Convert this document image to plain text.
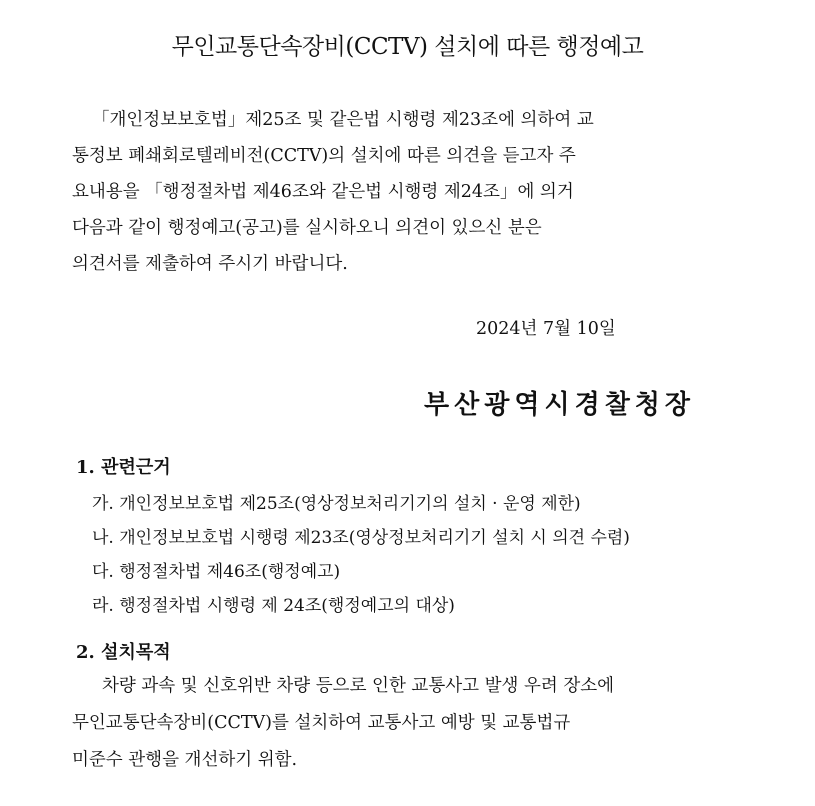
무인교통단속장비(CCTV) 설치에 따른 행정예고
「개인정보보호법」제25조 및 같은법 시행령 제23조에 의하여 교
통정보 폐쇄회로텔레비전(CCTV)의 설치에 따른 의견을 듣고자 주
요내용을 「행정절차법 제46조와 같은법 시행령 제24조」에 의거
다음과 같이 행정예고(공고)를 실시하오니 의견이 있으신 분은
의견서를 제출하여 주시기 바랍니다.
2024년 7월 10일
부산광역시경찰청장
1. 관련근거
가. 개인정보보호법 제25조(영상정보처리기기의 설치 · 운영 제한)
나. 개인정보보호법 시행령 제23조(영상정보처리기기 설치 시 의견 수렴)
다. 행정절차법 제46조(행정예고)
라. 행정절차법 시행령 제 24조(행정예고의 대상)
2. 설치목적
차량 과속 및 신호위반 차량 등으로 인한 교통사고 발생 우려 장소에
무인교통단속장비(CCTV)를 설치하여 교통사고 예방 및 교통법규
미준수 관행을 개선하기 위함.
